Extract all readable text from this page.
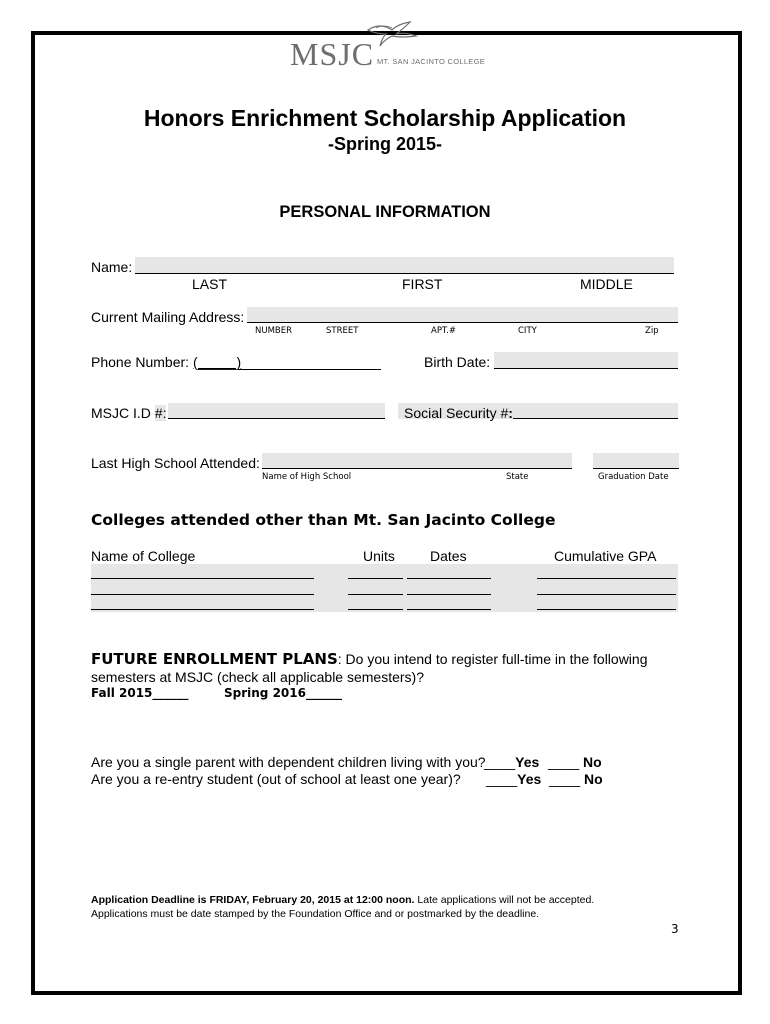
MSJC MT. SAN JACINTO COLLEGE
Honors Enrichment Scholarship Application
-Spring 2015-
PERSONAL INFORMATION
Name:
LAST	FIRST	MIDDLE
Current Mailing Address:
NUMBER	STREET	APT.#	CITY	Zip
Phone Number: (_____)	Birth Date:
MSJC I.D #:	Social Security #:
Last High School Attended:
Name of High School	State	Graduation Date
Colleges attended other than Mt. San Jacinto College
Name of College	Units	Dates	Cumulative GPA
FUTURE ENROLLMENT PLANS: Do you intend to register full-time in the following
semesters at MSJC (check all applicable semesters)?
Fall 2015______	Spring 2016______
Are you a single parent with dependent children living with you?
____Yes ____ No
Are you a re-entry student (out of school at least one year)? ____Yes ____ No
Application Deadline is FRIDAY, February 20, 2015 at 12:00 noon. Late applications will not be accepted.
Applications must be date stamped by the Foundation Office and or postmarked by the deadline.
3
